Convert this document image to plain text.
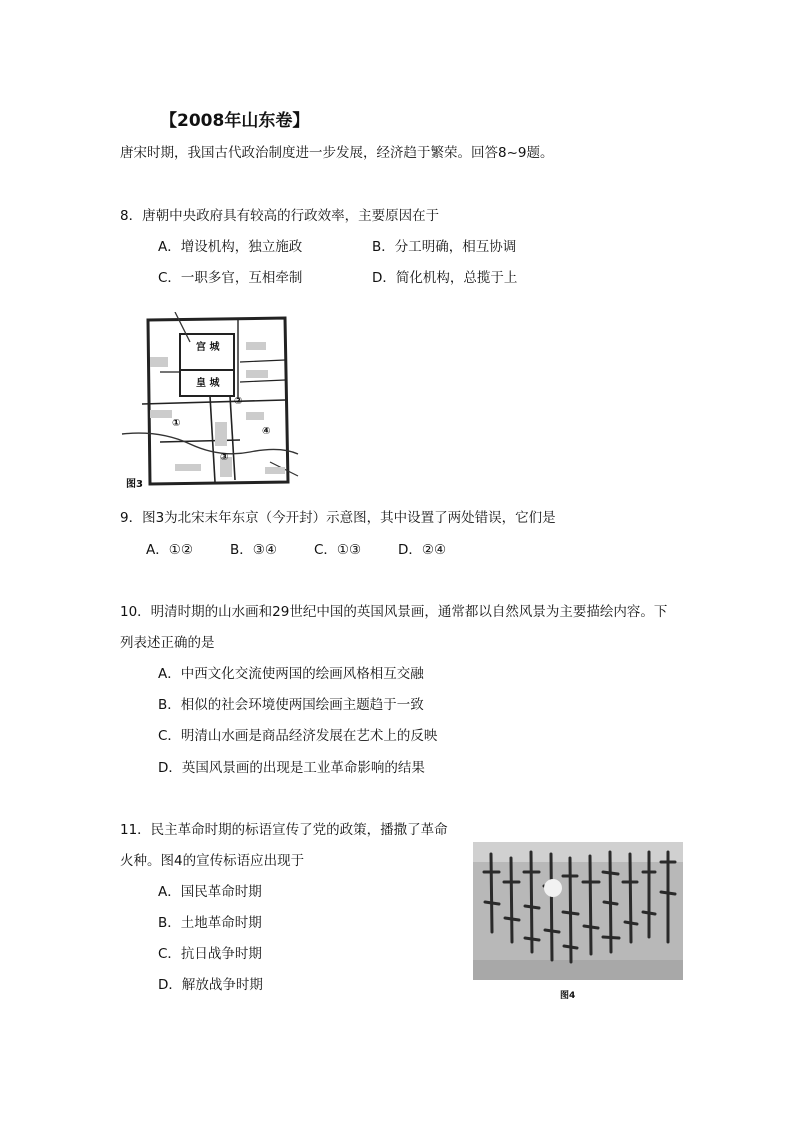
【2008年山东卷】
唐宋时期，我国古代政治制度进一步发展，经济趋于繁荣。回答8~9题。
8．唐朝中央政府具有较高的行政效率，主要原因在于
A．增设机构，独立施政	B．分工明确，相互协调
C．一职多官，互相牵制	D．简化机构，总揽于上
宫 城
皇 城
①
②
③
④
图3
9．图3为北宋末年东京（今开封）示意图，其中设置了两处错误，它们是
A．①②	B．③④	C．①③	D．②④
10．明清时期的山水画和29世纪中国的英国风景画，通常都以自然风景为主要描绘内容。下
列表述正确的是
A．中西文化交流使两国的绘画风格相互交融
B．相似的社会环境使两国绘画主题趋于一致
C．明清山水画是商品经济发展在艺术上的反映
D．英国风景画的出现是工业革命影响的结果
11．民主革命时期的标语宣传了党的政策，播撒了革命
火种。图4的宣传标语应出现于
A．国民革命时期
B．土地革命时期
C．抗日战争时期
D．解放战争时期
图4
